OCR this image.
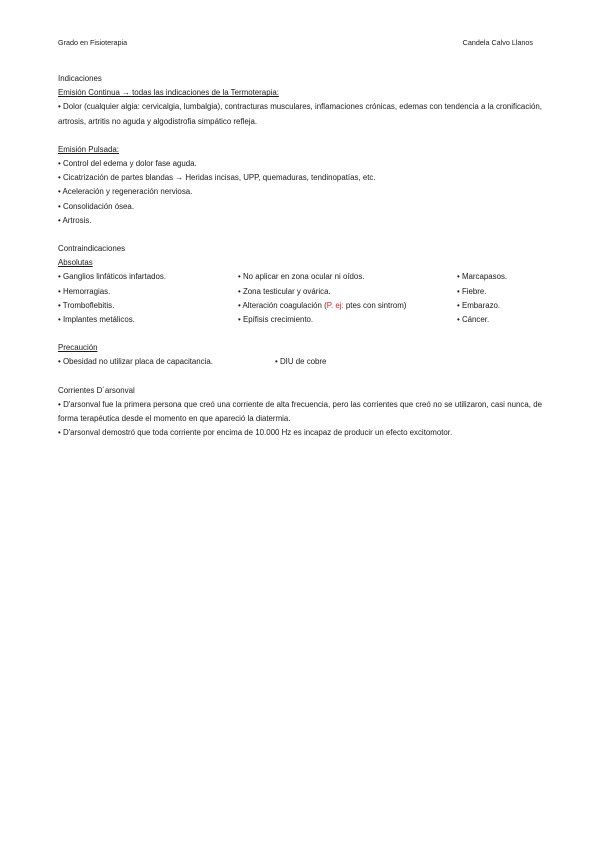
Grado en Fisioterapia	Candela Calvo Llanos

Indicaciones

Emisión Continua → todas las indicaciones de la Termoterapia:

• Dolor (cualquier algia: cervicalgia, lumbalgia), contracturas musculares, inflamaciones crónicas, edemas con tendencia a la cronificación, artrosis, artritis no aguda y algodistrofia simpático refleja.

Emisión Pulsada:

• Control del edema y dolor fase aguda.

• Cicatrización de partes blandas → Heridas incisas, UPP, quemaduras, tendinopatías, etc.

• Aceleración y regeneración nerviosa.

• Consolidación ósea.

• Artrosis.

Contraindicaciones

Absolutas

• Ganglios linfáticos infartados.	• No aplicar en zona ocular ni oídos.	• Marcapasos.
• Hemorragias.	• Zona testicular y ovárica.	• Fiebre.
• Tromboflebitis.	• Alteración coagulación (P. ej: ptes con sintrom)	• Embarazo.
• Implantes metálicos.	• Epífisis crecimiento.	• Cáncer.

Precaución

• Obesidad no utilizar placa de capacitancia.	• DIU de cobre

Corrientes D´arsonval

• D'arsonval fue la primera persona que creó una corriente de alta frecuencia, pero las corrientes que creó no se utilizaron, casi nunca, de forma terapéutica desde el momento en que apareció la diatermia.

• D'arsonval demostró que toda corriente por encima de 10.000 Hz es incapaz de producir un efecto excitomotor.
